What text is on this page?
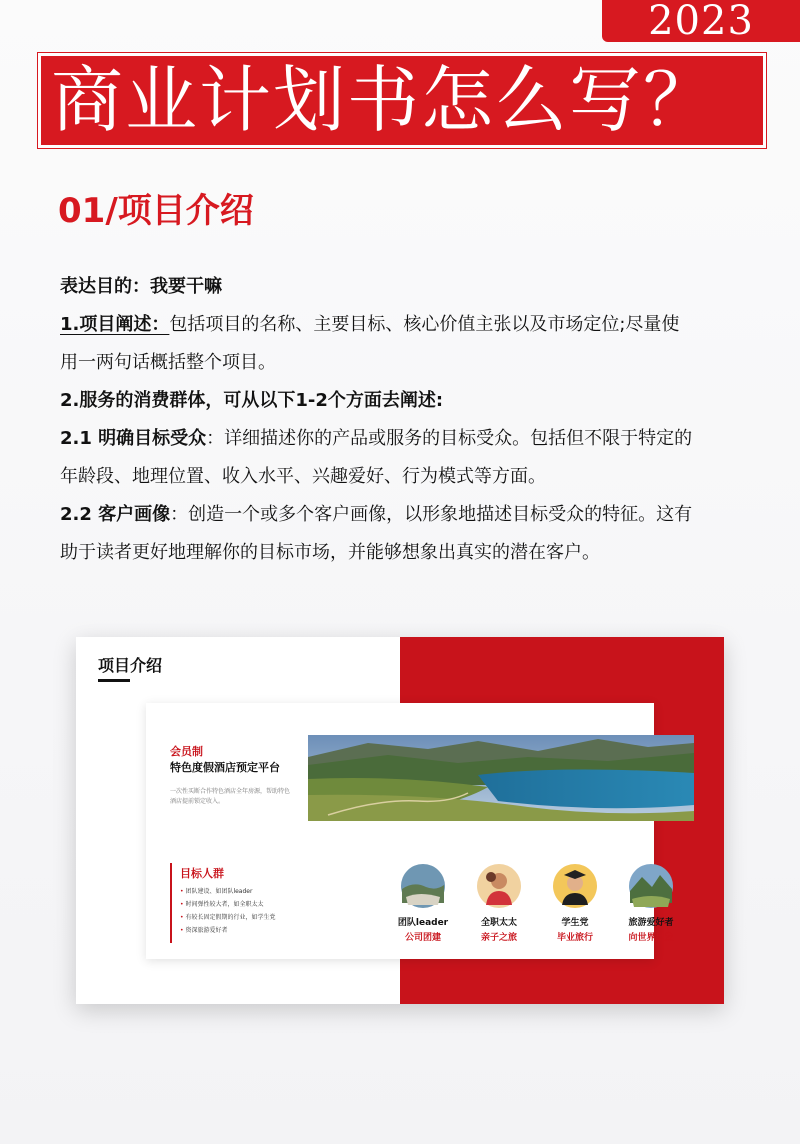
2023
商业计划书怎么写？
01/项目介绍
表达目的：我要干嘛
1.项目阐述：包括项目的名称、主要目标、核心价值主张以及市场定位;尽量使
用一两句话概括整个项目。
2.服务的消费群体，可从以下1-2个方面去阐述:
2.1 明确目标受众：详细描述你的产品或服务的目标受众。包括但不限于特定的
年龄段、地理位置、收入水平、兴趣爱好、行为模式等方面。
2.2 客户画像：创造一个或多个客户画像，以形象地描述目标受众的特征。这有
助于读者更好地理解你的目标市场，并能够想象出真实的潜在客户。
项目介绍
会员制
特色度假酒店预定平台
一次性买断合作特色酒店全年房源，帮助特色酒店提前锁定收入。
目标人群
• 团队建设、如团队leader
• 时间弹性较大者，如全职太太
• 有较长固定假期的行业，如学生党
• 资深旅游爱好者
团队leader
公司团建
全职太太
亲子之旅
学生党
毕业旅行
旅游爱好者
向世界出发
